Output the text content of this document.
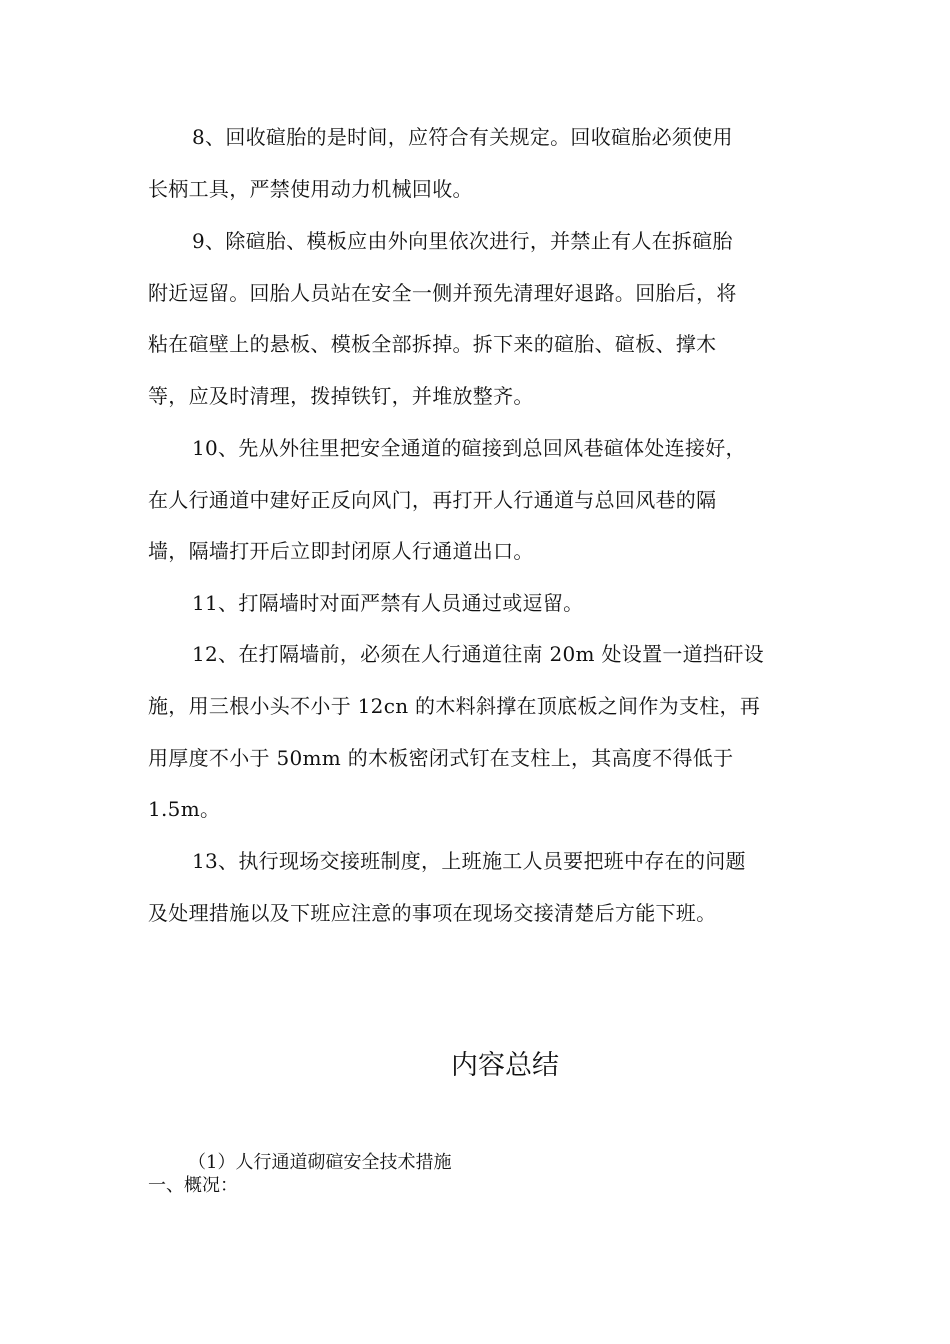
8、回收碹胎的是时间，应符合有关规定。回收碹胎必须使用
长柄工具，严禁使用动力机械回收。
9、除碹胎、模板应由外向里依次进行，并禁止有人在拆碹胎
附近逗留。回胎人员站在安全一侧并预先清理好退路。回胎后，将
粘在碹壁上的悬板、模板全部拆掉。拆下来的碹胎、碹板、撑木
等，应及时清理，拨掉铁钉，并堆放整齐。
10、先从外往里把安全通道的碹接到总回风巷碹体处连接好，
在人行通道中建好正反向风门，再打开人行通道与总回风巷的隔
墙，隔墙打开后立即封闭原人行通道出口。
11、打隔墙时对面严禁有人员通过或逗留。
12、在打隔墙前，必须在人行通道往南 20m 处设置一道挡矸设
施，用三根小头不小于 12cn 的木料斜撑在顶底板之间作为支柱，再
用厚度不小于 50mm 的木板密闭式钉在支柱上，其高度不得低于
1.5m。
13、执行现场交接班制度，上班施工人员要把班中存在的问题
及处理措施以及下班应注意的事项在现场交接清楚后方能下班。
内容总结
（1）人行通道砌碹安全技术措施
一、概况：
